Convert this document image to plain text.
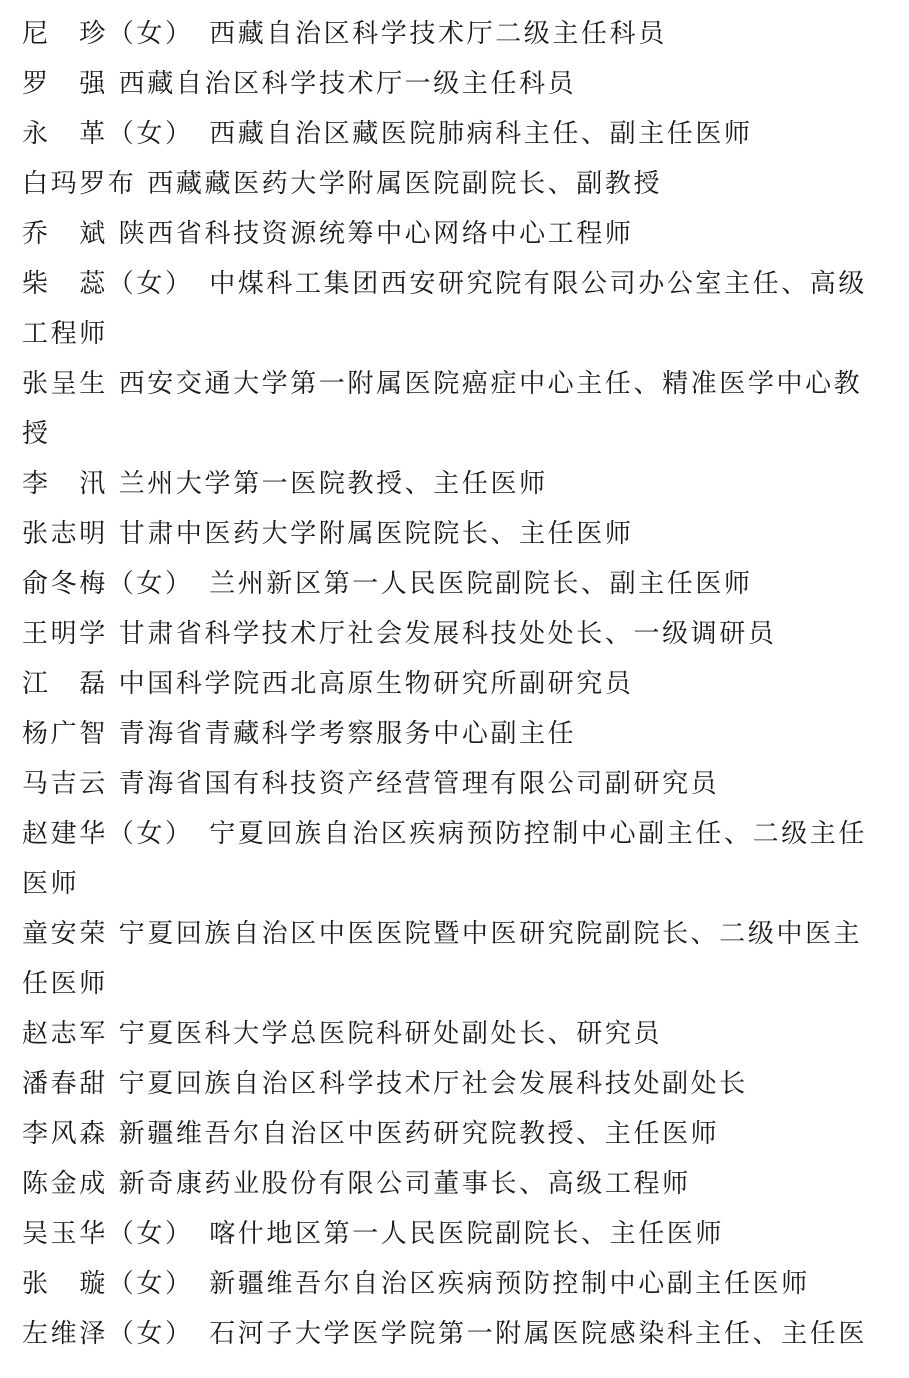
尼　珍（女）　西藏自治区科学技术厅二级主任科员
罗　强 西藏自治区科学技术厅一级主任科员
永　革（女）　西藏自治区藏医院肺病科主任、副主任医师
白玛罗布 西藏藏医药大学附属医院副院长、副教授
乔　斌 陕西省科技资源统筹中心网络中心工程师
柴　蕊（女）　中煤科工集团西安研究院有限公司办公室主任、高级
工程师
张呈生 西安交通大学第一附属医院癌症中心主任、精准医学中心教
授
李　汛 兰州大学第一医院教授、主任医师
张志明 甘肃中医药大学附属医院院长、主任医师
俞冬梅（女）　兰州新区第一人民医院副院长、副主任医师
王明学 甘肃省科学技术厅社会发展科技处处长、一级调研员
江　磊 中国科学院西北高原生物研究所副研究员
杨广智 青海省青藏科学考察服务中心副主任
马吉云 青海省国有科技资产经营管理有限公司副研究员
赵建华（女）　宁夏回族自治区疾病预防控制中心副主任、二级主任
医师
童安荣 宁夏回族自治区中医医院暨中医研究院副院长、二级中医主
任医师
赵志军 宁夏医科大学总医院科研处副处长、研究员
潘春甜 宁夏回族自治区科学技术厅社会发展科技处副处长
李风森 新疆维吾尔自治区中医药研究院教授、主任医师
陈金成 新奇康药业股份有限公司董事长、高级工程师
吴玉华（女）　喀什地区第一人民医院副院长、主任医师
张　璇（女）　新疆维吾尔自治区疾病预防控制中心副主任医师
左维泽（女）　石河子大学医学院第一附属医院感染科主任、主任医
